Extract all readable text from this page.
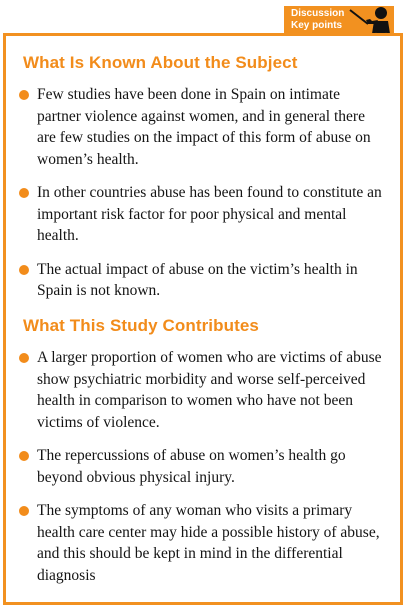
Discussion
Key points
What Is Known About the Subject
Few studies have been done in Spain on intimate partner violence against women, and in general there are few studies on the impact of this form of abuse on women’s health.
In other countries abuse has been found to constitute an important risk factor for poor physical and mental health.
The actual impact of abuse on the victim’s health in Spain is not known.
What This Study Contributes
A larger proportion of women who are victims of abuse show psychiatric morbidity and worse self-perceived health in comparison to women who have not been victims of violence.
The repercussions of abuse on women’s health go beyond obvious physical injury.
The symptoms of any woman who visits a primary health care center may hide a possible history of abuse, and this should be kept in mind in the differential diagnosis
